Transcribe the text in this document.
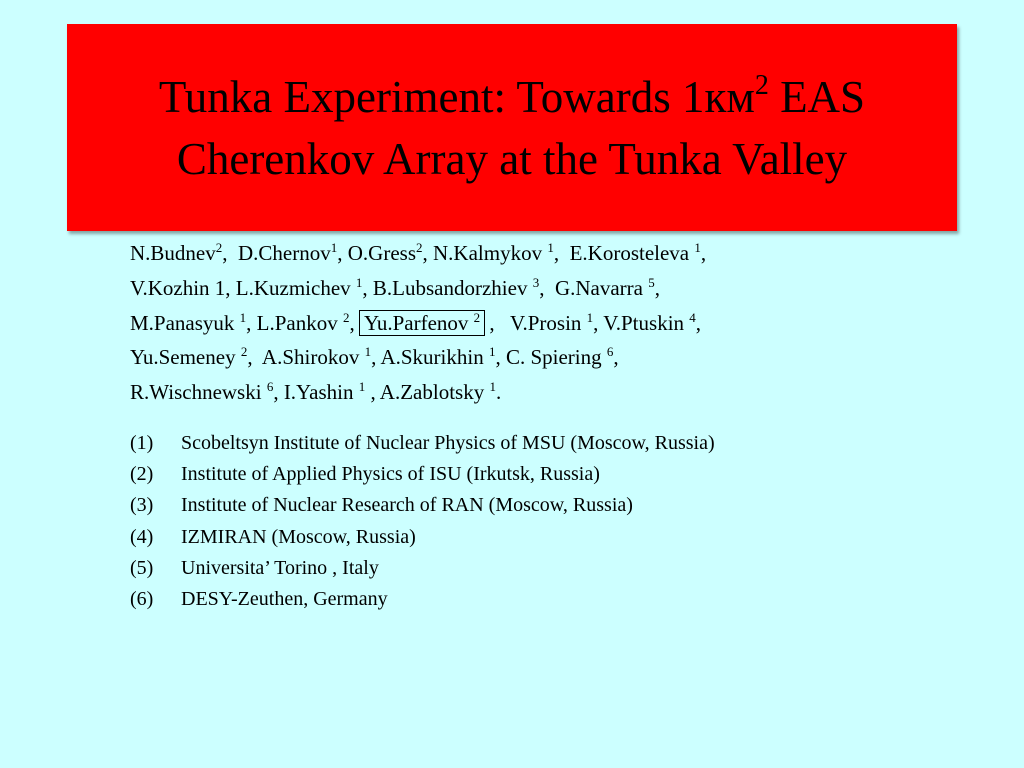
Tunka Experiment: Towards $1км^2$ EAS
Cherenkov Array at the Tunka Valley
N.Budnev$^2$,  D.Chernov$^1$, O.Gress$^2$, N.Kalmykov $^1$,  E.Korosteleva $^1$,
V.Kozhin 1, L.Kuzmichev $^1$, B.Lubsandorzhiev $^3$,  G.Navarra $^5$,
M.Panasyuk $^1$, L.Pankov $^2$, Yu.Parfenov $^2$ ,   V.Prosin $^1$, V.Ptuskin $^4$,
Yu.Semeney $^2$,  A.Shirokov $^1$, A.Skurikhin $^1$, C. Spiering $^6$,
R.Wischnewski $^6$, I.Yashin $^1$ , A.Zablotsky $^1$.
(1)	Scobeltsyn Institute of Nuclear Physics of MSU (Moscow, Russia)
(2)	Institute of Applied Physics of ISU (Irkutsk, Russia)
(3)	Institute of Nuclear Research of RAN (Moscow, Russia)
(4)	IZMIRAN (Moscow, Russia)
(5)	Universita’ Torino , Italy
(6)	DESY-Zeuthen, Germany
